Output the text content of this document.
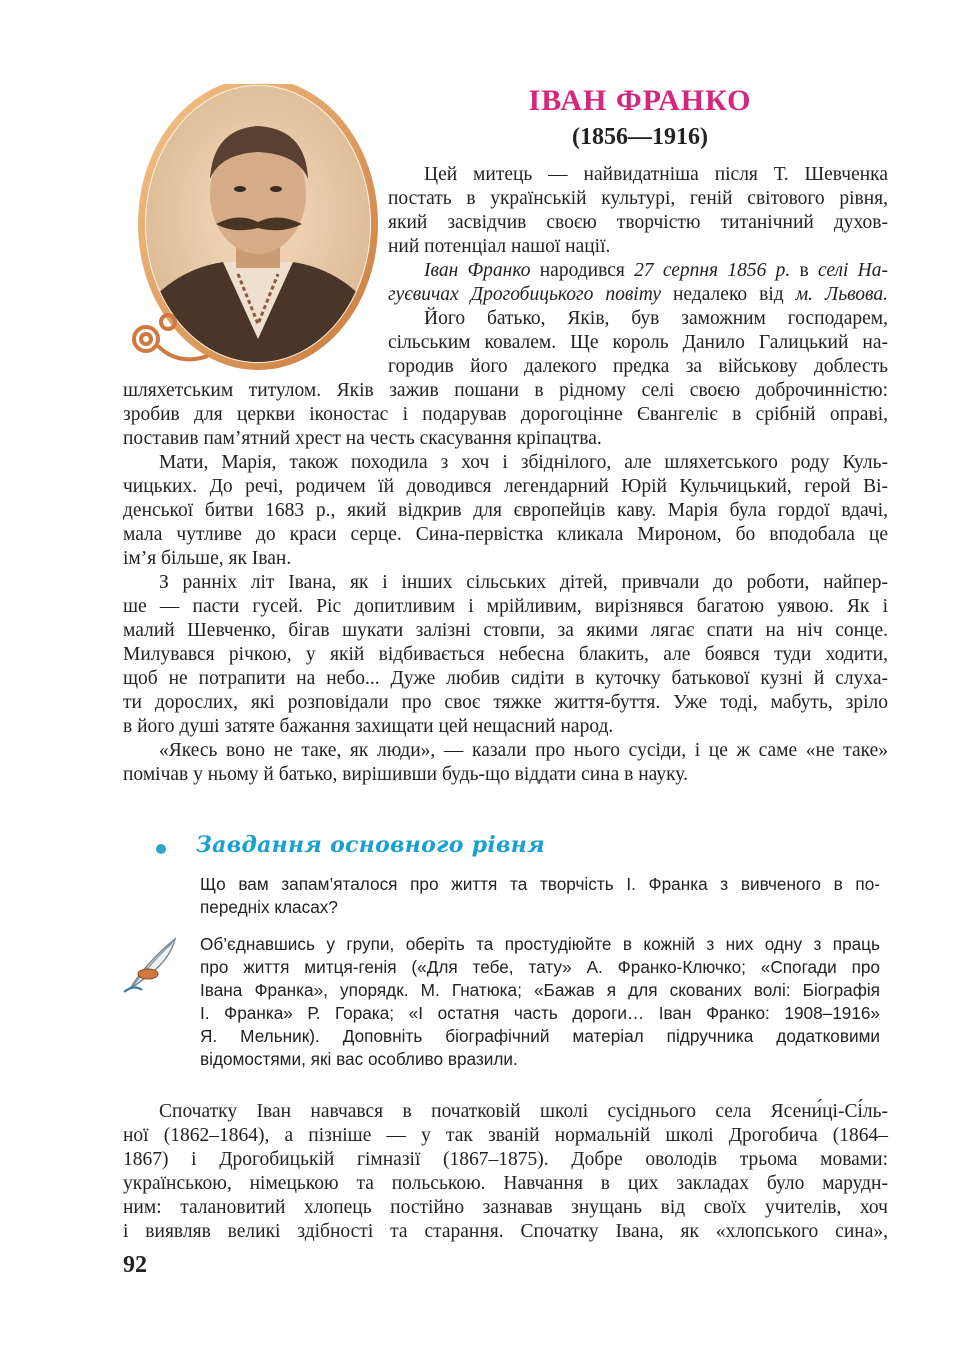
ІВАН ФРАНКО
(1856—1916)
Цей митець — найвидатніша після Т. Шевченка
постать в українській культурі, геній світового рівня,
який засвідчив своєю творчістю титанічний духов-
ний потенціал нашої нації.
Іван Франко народився 27 серпня 1856 р. в селі На-
гуєвичах Дрогобицького повіту недалеко від м. Львова.
Його батько, Яків, був заможним господарем,
сільським ковалем. Ще король Данило Галицький на-
городив його далекого предка за військову доблесть
шляхетським титулом. Яків зажив пошани в рідному селі своєю доброчинністю:
зробив для церкви іконостас і подарував дорогоцінне Євангеліє в срібній оправі,
поставив пам’ятний хрест на честь скасування кріпацтва.
Мати, Марія, також походила з хоч і збіднілого, але шляхетського роду Куль-
чицьких. До речі, родичем їй доводився легендарний Юрій Кульчицький, герой Ві-
денської битви 1683 р., який відкрив для європейців каву. Марія була гордої вдачі,
мала чутливе до краси серце. Сина-первістка кликала Мироном, бо вподобала це
ім’я більше, як Іван.
З ранніх літ Івана, як і інших сільських дітей, привчали до роботи, найпер-
ше — пасти гусей. Ріс допитливим і мрійливим, вирізнявся багатою уявою. Як і
малий Шевченко, бігав шукати залізні стовпи, за якими лягає спати на ніч сонце.
Милувався річкою, у якій відбивається небесна блакить, але боявся туди ходити,
щоб не потрапити на небо... Дуже любив сидіти в куточку батькової кузні й слуха-
ти дорослих, які розповідали про своє тяжке життя-буття. Уже тоді, мабуть, зріло
в його душі затяте бажання захищати цей нещасний народ.
«Якесь воно не таке, як люди», — казали про нього сусіди, і це ж саме «не таке»
помічав у ньому й батько, вирішивши будь-що віддати сина в науку.
Завдання основного рівня
Що вам запам’яталося про життя та творчість І. Франка з вивченого в по-
передніх класах?
Об’єднавшись у групи, оберіть та простудіюйте в кожній з них одну з праць
про життя митця-генія («Для тебе, тату» А. Франко-Ключко; «Спогади про
Івана Франка», упорядк. М. Гнатюка; «Бажав я для скованих волі: Біографія
І. Франка» Р. Горака; «І остатня часть дороги… Іван Франко: 1908–1916»
Я. Мельник). Доповніть біографічний матеріал підручника додатковими
відомостями, які вас особливо вразили.
Спочатку Іван навчався в початковій школі сусіднього села Ясени́ці-Сі́ль-
ної (1862–1864), а пізніше — у так званій нормальній школі Дрогобича (1864–
1867) і Дрогобицькій гімназії (1867–1875). Добре оволодів трьома мовами:
українською, німецькою та польською. Навчання в цих закладах було марудн-
ним: талановитий хлопець постійно зазнавав знущань від своїх учителів, хоч
і виявляв великі здібності та старання. Спочатку Івана, як «хлопського сина»,
92
